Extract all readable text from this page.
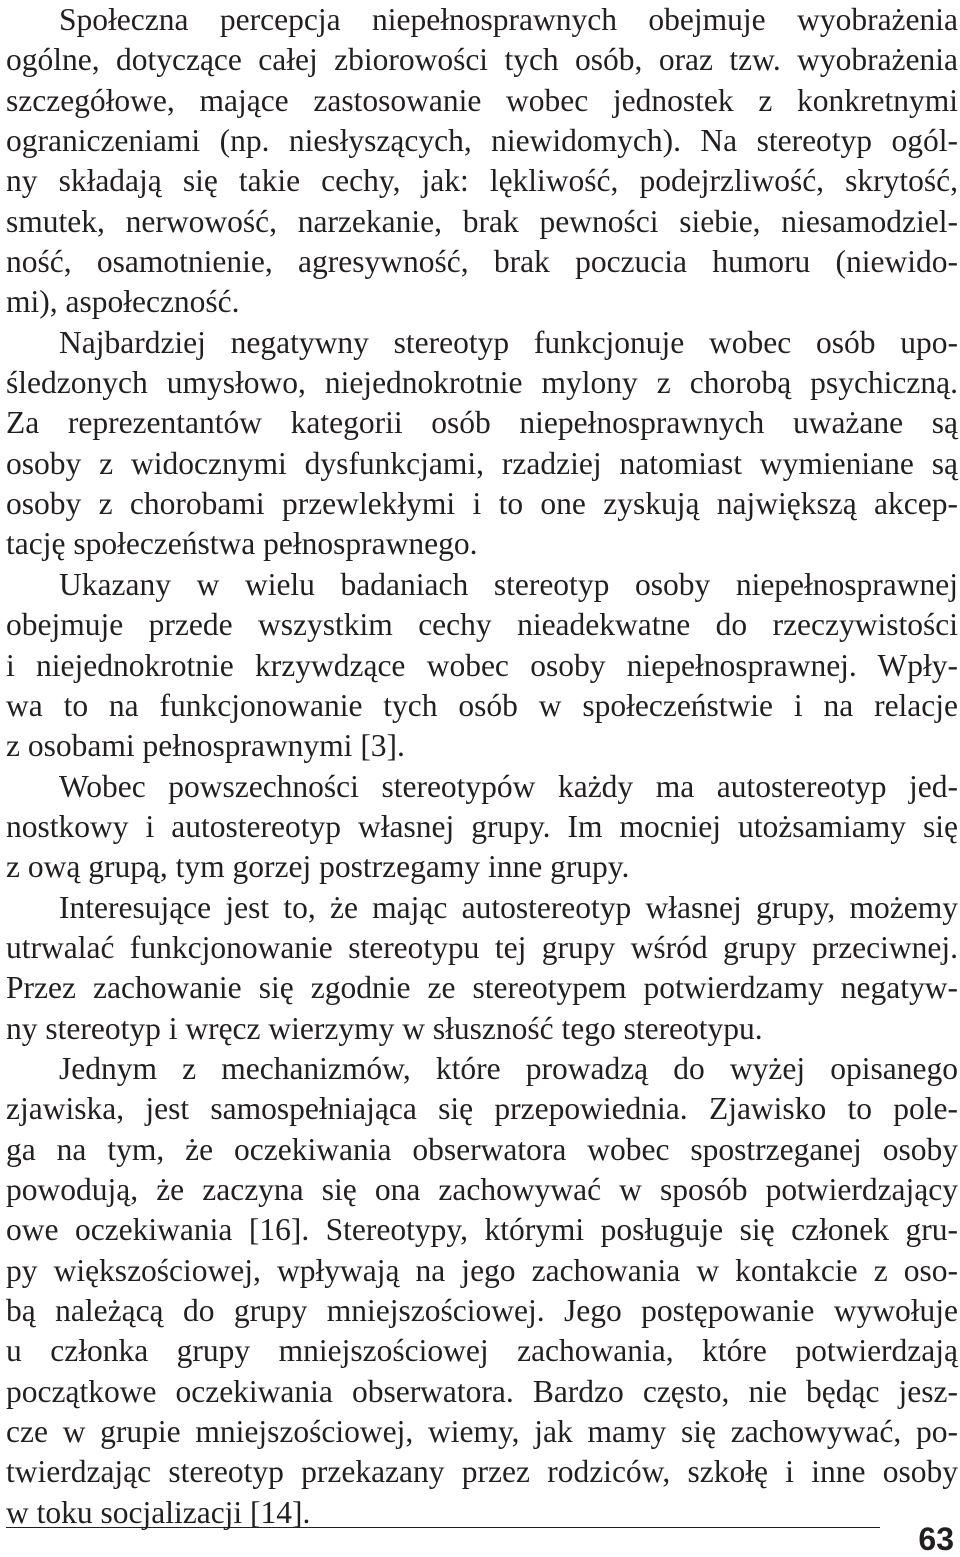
Społeczna percepcja niepełnosprawnych obejmuje wyobrażenia
ogólne, dotyczące całej zbiorowości tych osób, oraz tzw. wyobrażenia
szczegółowe, mające zastosowanie wobec jednostek z konkretnymi
ograniczeniami (np. niesłyszących, niewidomych). Na stereotyp ogól-
ny składają się takie cechy, jak: lękliwość, podejrzliwość, skrytość,
smutek, nerwowość, narzekanie, brak pewności siebie, niesamodziel-
ność, osamotnienie, agresywność, brak poczucia humoru (niewido-
mi), aspołeczność.
Najbardziej negatywny stereotyp funkcjonuje wobec osób upo-
śledzonych umysłowo, niejednokrotnie mylony z chorobą psychiczną.
Za reprezentantów kategorii osób niepełnosprawnych uważane są
osoby z widocznymi dysfunkcjami, rzadziej natomiast wymieniane są
osoby z chorobami przewlekłymi i to one zyskują największą akcep-
tację społeczeństwa pełnosprawnego.
Ukazany w wielu badaniach stereotyp osoby niepełnosprawnej
obejmuje przede wszystkim cechy nieadekwatne do rzeczywistości
i niejednokrotnie krzywdzące wobec osoby niepełnosprawnej. Wpły-
wa to na funkcjonowanie tych osób w społeczeństwie i na relacje
z osobami pełnosprawnymi [3].
Wobec powszechności stereotypów każdy ma autostereotyp jed-
nostkowy i autostereotyp własnej grupy. Im mocniej utożsamiamy się
z ową grupą, tym gorzej postrzegamy inne grupy.
Interesujące jest to, że mając autostereotyp własnej grupy, możemy
utrwalać funkcjonowanie stereotypu tej grupy wśród grupy przeciwnej.
Przez zachowanie się zgodnie ze stereotypem potwierdzamy negatyw-
ny stereotyp i wręcz wierzymy w słuszność tego stereotypu.
Jednym z mechanizmów, które prowadzą do wyżej opisanego
zjawiska, jest samospełniająca się przepowiednia. Zjawisko to pole-
ga na tym, że oczekiwania obserwatora wobec spostrzeganej osoby
powodują, że zaczyna się ona zachowywać w sposób potwierdzający
owe oczekiwania [16]. Stereotypy, którymi posługuje się członek gru-
py większościowej, wpływają na jego zachowania w kontakcie z oso-
bą należącą do grupy mniejszościowej. Jego postępowanie wywołuje
u członka grupy mniejszościowej zachowania, które potwierdzają
początkowe oczekiwania obserwatora. Bardzo często, nie będąc jesz-
cze w grupie mniejszościowej, wiemy, jak mamy się zachowywać, po-
twierdzając stereotyp przekazany przez rodziców, szkołę i inne osoby
w toku socjalizacji [14].
63
